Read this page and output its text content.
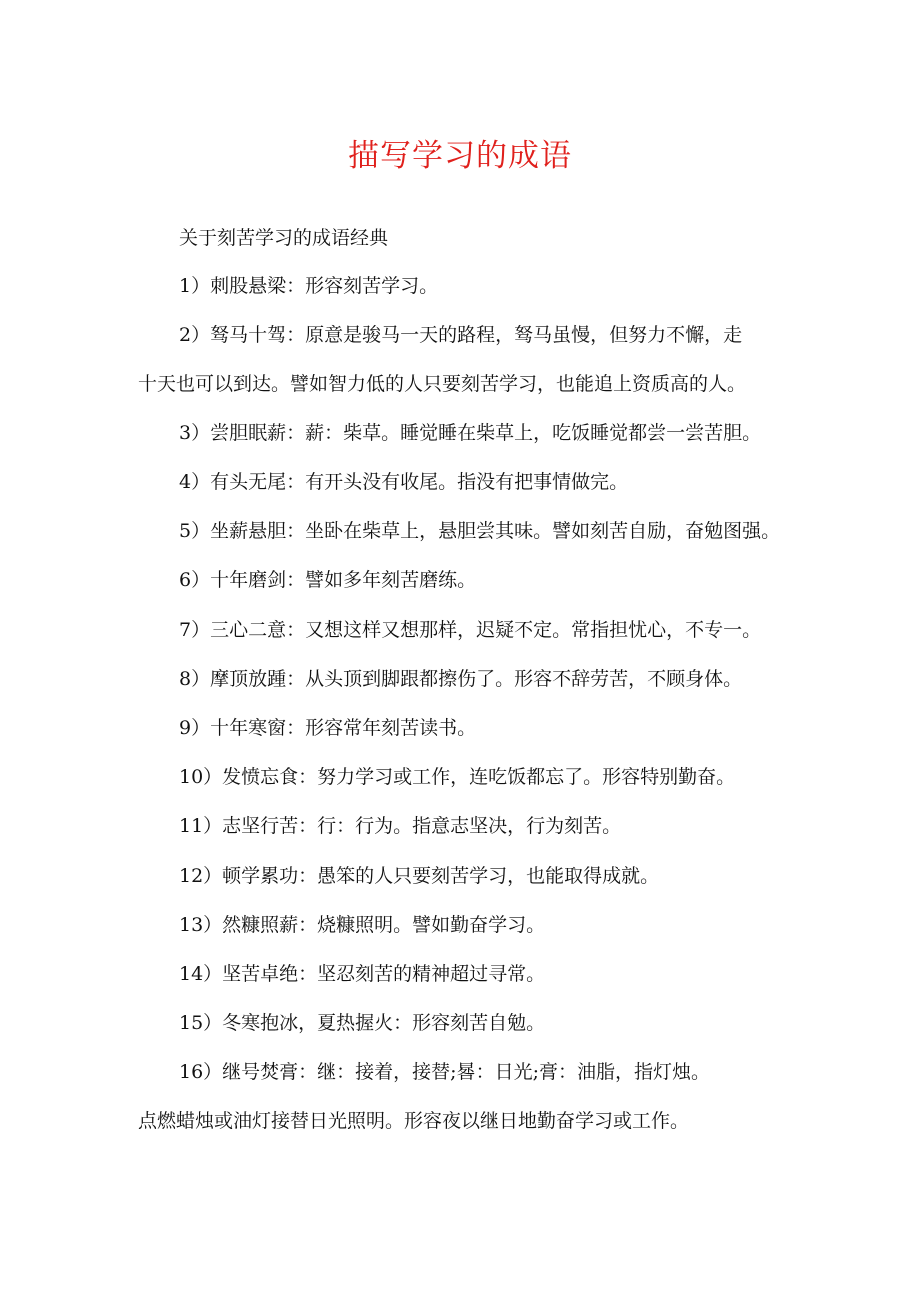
描写学习的成语
关于刻苦学习的成语经典
1）刺股悬梁：形容刻苦学习。
2）驽马十驾：原意是骏马一天的路程，驽马虽慢，但努力不懈，走
十天也可以到达。譬如智力低的人只要刻苦学习，也能追上资质高的人。
3）尝胆眠薪：薪：柴草。睡觉睡在柴草上，吃饭睡觉都尝一尝苦胆。
4）有头无尾：有开头没有收尾。指没有把事情做完。
5）坐薪悬胆：坐卧在柴草上，悬胆尝其味。譬如刻苦自励，奋勉图强。
6）十年磨剑：譬如多年刻苦磨练。
7）三心二意：又想这样又想那样，迟疑不定。常指担忧心，不专一。
8）摩顶放踵：从头顶到脚跟都擦伤了。形容不辞劳苦，不顾身体。
9）十年寒窗：形容常年刻苦读书。
10）发愤忘食：努力学习或工作，连吃饭都忘了。形容特别勤奋。
11）志坚行苦：行：行为。指意志坚决，行为刻苦。
12）顿学累功：愚笨的人只要刻苦学习，也能取得成就。
13）然糠照薪：烧糠照明。譬如勤奋学习。
14）坚苦卓绝：坚忍刻苦的精神超过寻常。
15）冬寒抱冰，夏热握火：形容刻苦自勉。
16）继号焚膏：继：接着，接替;晷：日光;膏：油脂，指灯烛。
点燃蜡烛或油灯接替日光照明。形容夜以继日地勤奋学习或工作。
